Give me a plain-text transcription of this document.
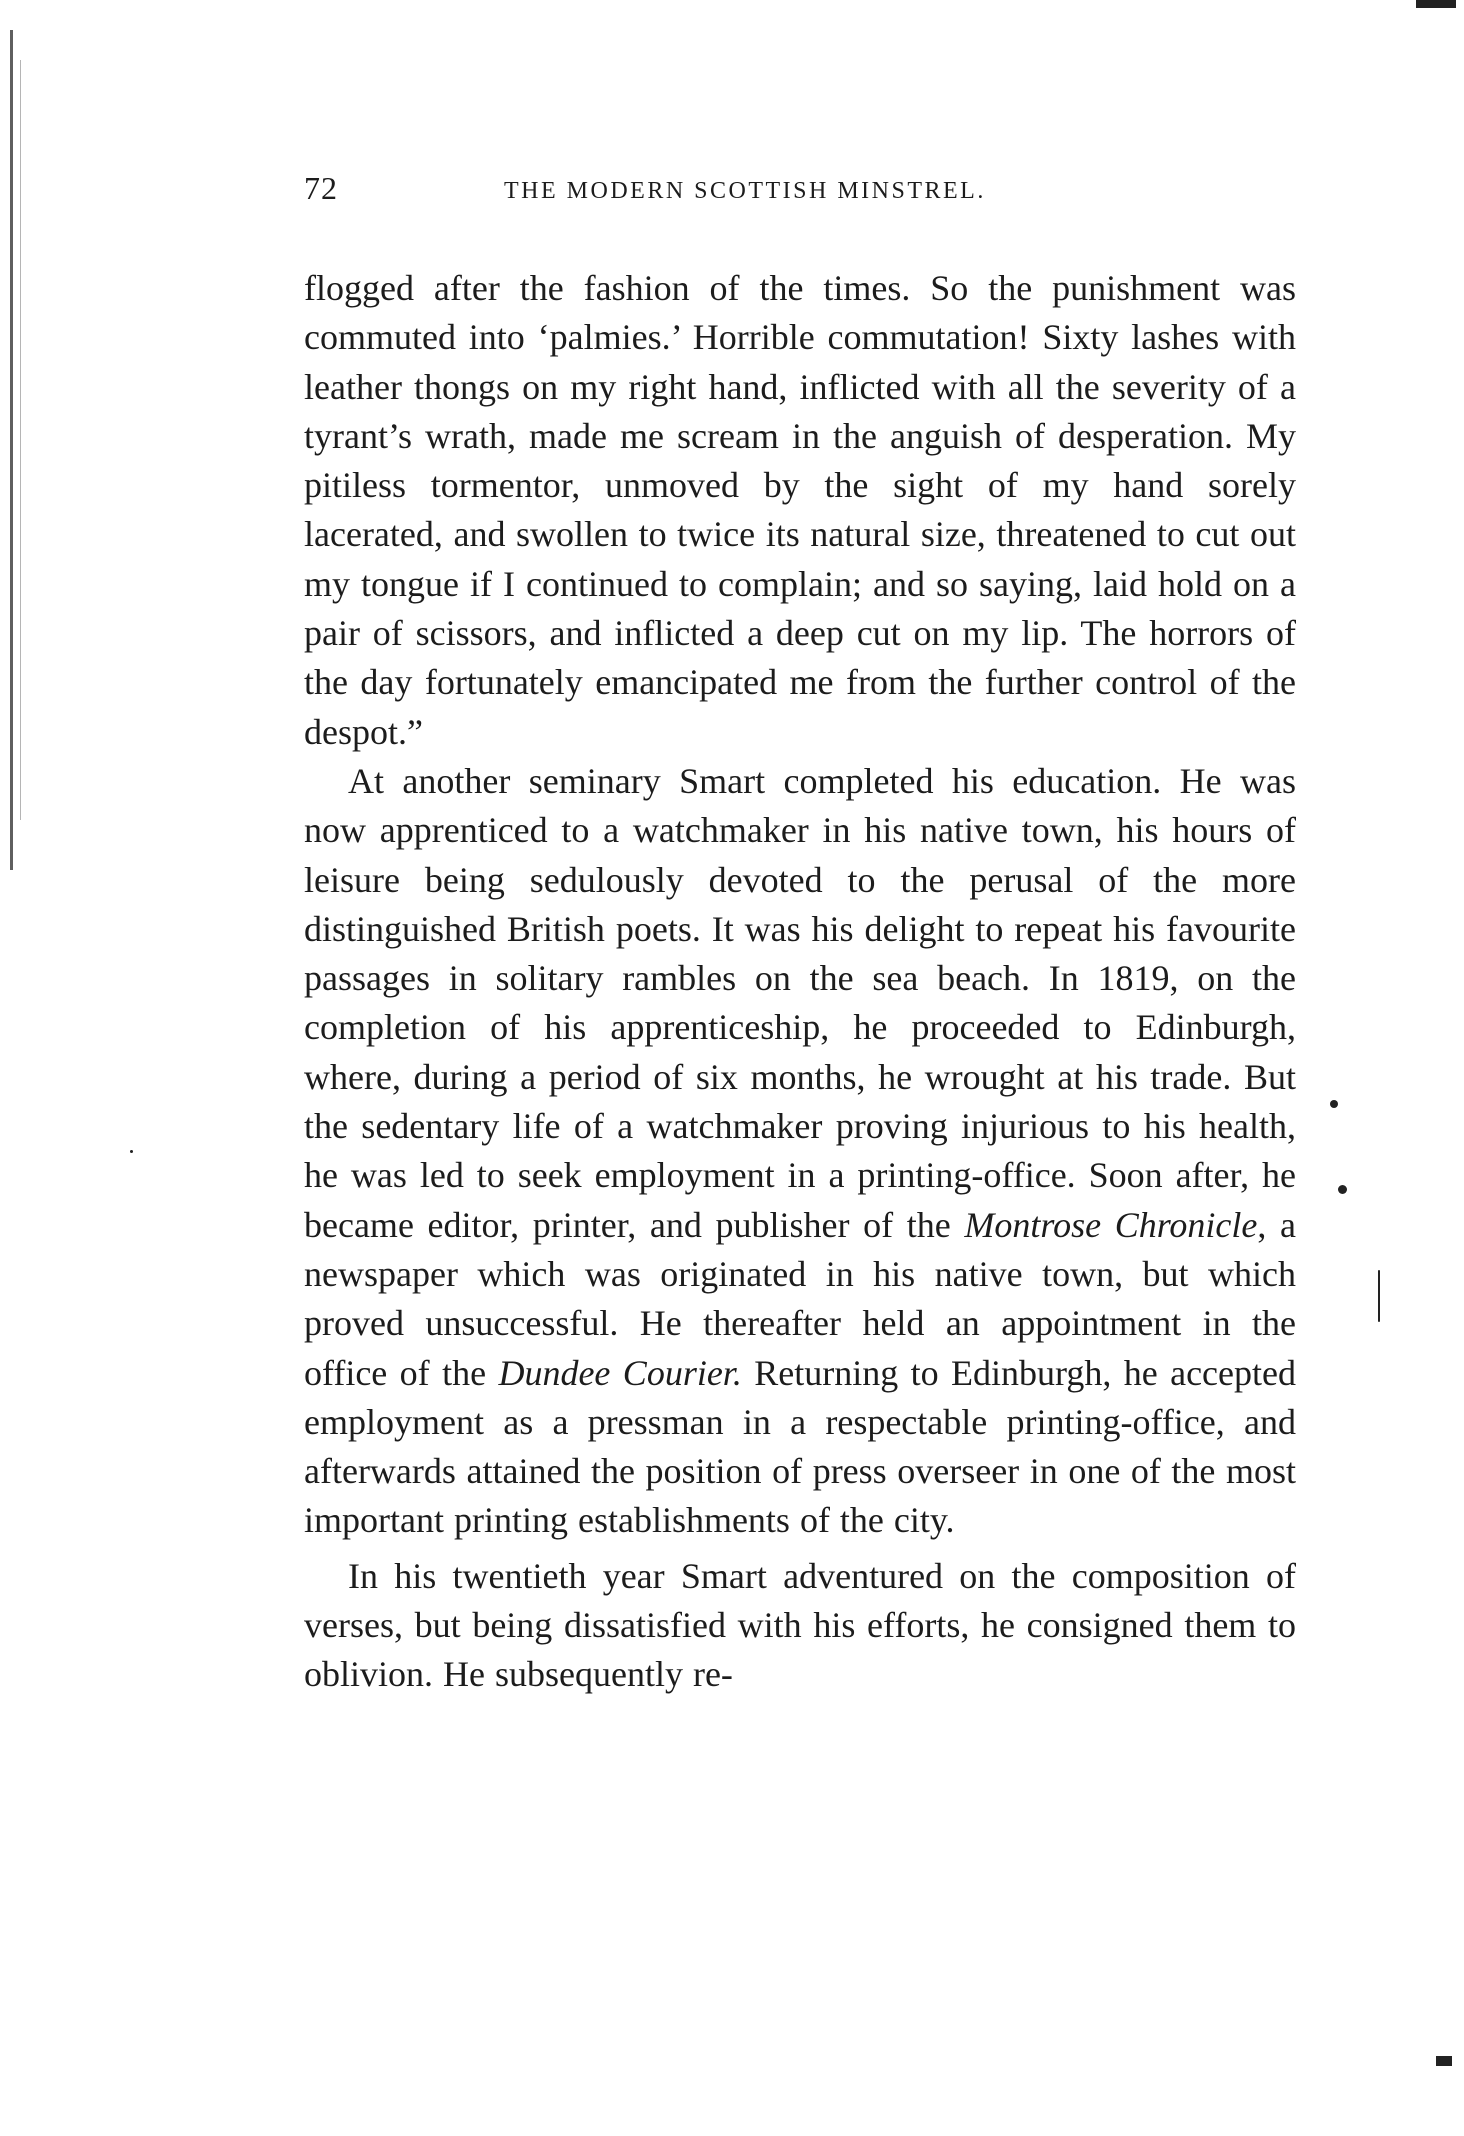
72	THE MODERN SCOTTISH MINSTREL.

flogged after the fashion of the times. So the punishment was commuted into ‘palmies.’ Horrible commutation! Sixty lashes with leather thongs on my right hand, inflicted with all the severity of a tyrant’s wrath, made me scream in the anguish of desperation. My pitiless tormentor, unmoved by the sight of my hand sorely lacerated, and swollen to twice its natural size, threatened to cut out my tongue if I continued to complain; and so saying, laid hold on a pair of scissors, and inflicted a deep cut on my lip. The horrors of the day fortunately emancipated me from the further control of the despot.”

At another seminary Smart completed his education. He was now apprenticed to a watchmaker in his native town, his hours of leisure being sedulously devoted to the perusal of the more distinguished British poets. It was his delight to repeat his favourite passages in solitary rambles on the sea beach. In 1819, on the completion of his apprenticeship, he proceeded to Edinburgh, where, during a period of six months, he wrought at his trade. But the sedentary life of a watchmaker proving injurious to his health, he was led to seek employment in a printing-office. Soon after, he became editor, printer, and publisher of the Montrose Chronicle, a newspaper which was originated in his native town, but which proved unsuccessful. He thereafter held an appointment in the office of the Dundee Courier. Returning to Edinburgh, he accepted employment as a pressman in a respectable printing-office, and afterwards attained the position of press overseer in one of the most important printing establishments of the city.

In his twentieth year Smart adventured on the composition of verses, but being dissatisfied with his efforts, he consigned them to oblivion. He subsequently re-
